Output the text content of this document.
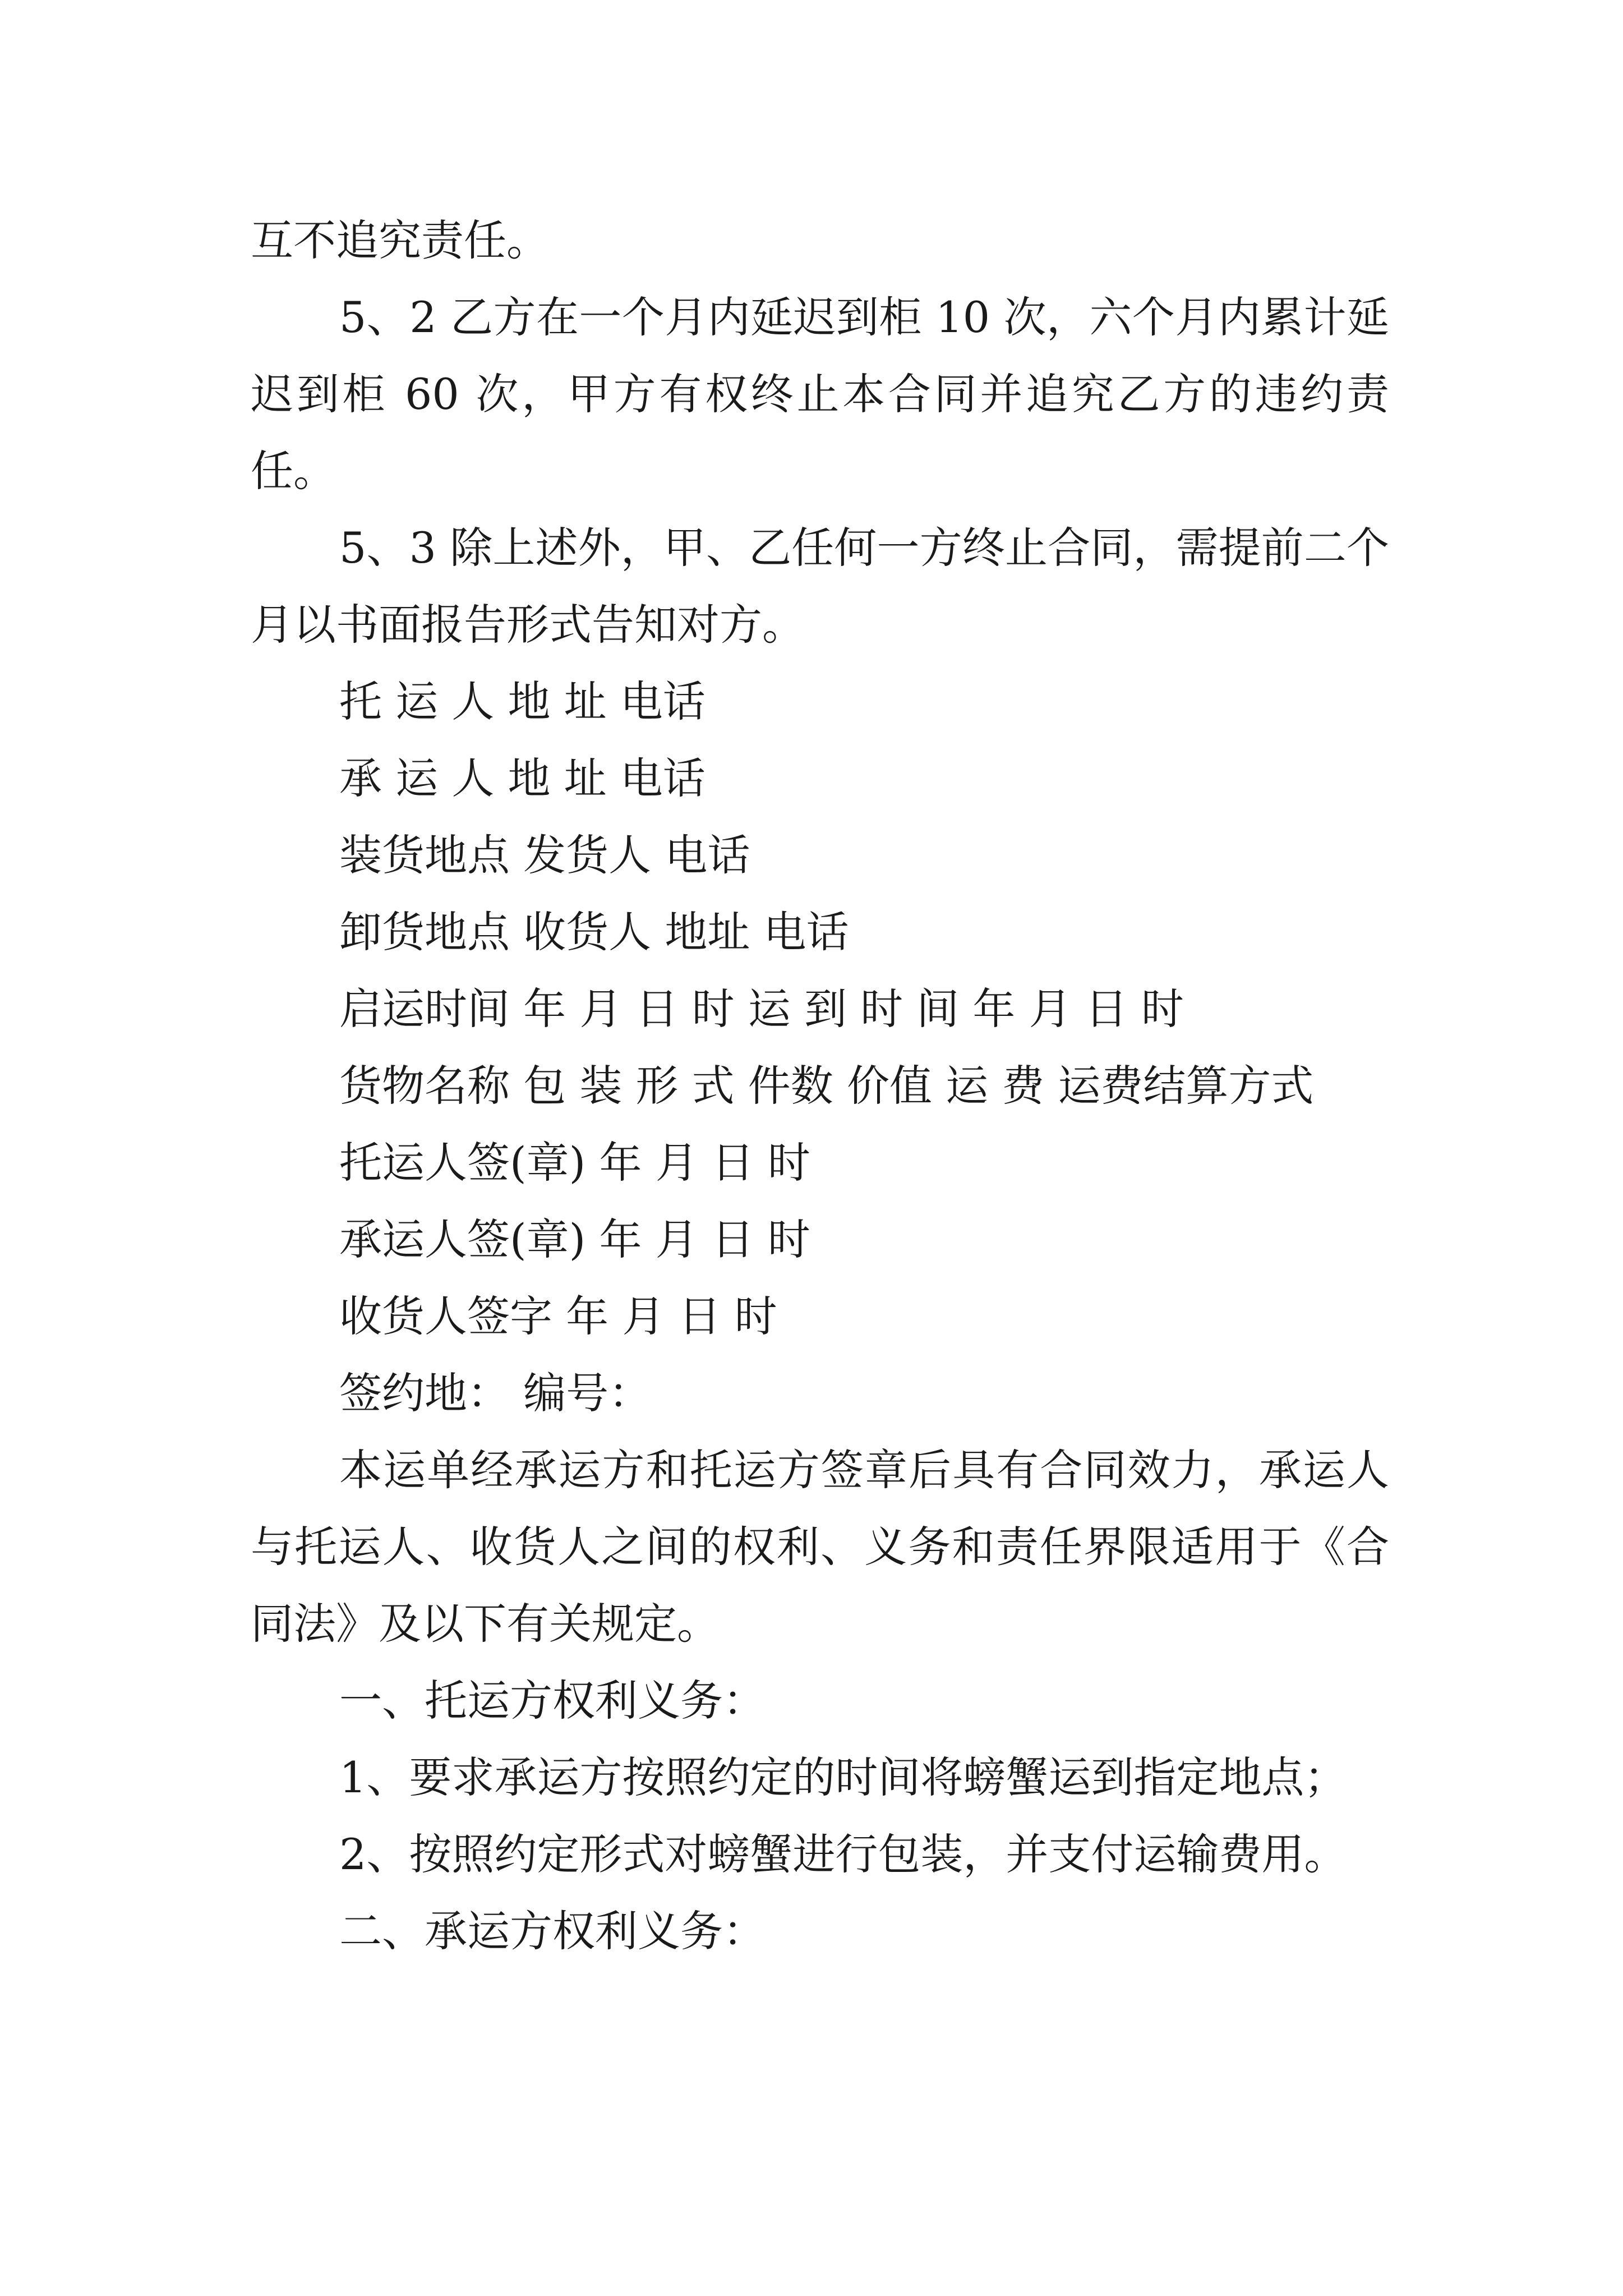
互不追究责任。

5、2 乙方在一个月内延迟到柜 10 次，六个月内累计延迟到柜 60 次，甲方有权终止本合同并追究乙方的违约责任。

5、3 除上述外，甲、乙任何一方终止合同，需提前二个月以书面报告形式告知对方。

托 运 人 地 址 电话

承 运 人 地 址 电话

装货地点 发货人 电话

卸货地点 收货人 地址 电话

启运时间 年 月 日 时 运 到 时 间 年 月 日 时

货物名称 包 装 形 式 件数 价值 运 费 运费结算方式

托运人签(章) 年 月 日 时

承运人签(章) 年 月 日 时

收货人签字 年 月 日 时

签约地： 编号：

本运单经承运方和托运方签章后具有合同效力，承运人与托运人、收货人之间的权利、义务和责任界限适用于《合同法》及以下有关规定。

一、托运方权利义务：

1、要求承运方按照约定的时间将螃蟹运到指定地点；

2、按照约定形式对螃蟹进行包装，并支付运输费用。

二、承运方权利义务：
